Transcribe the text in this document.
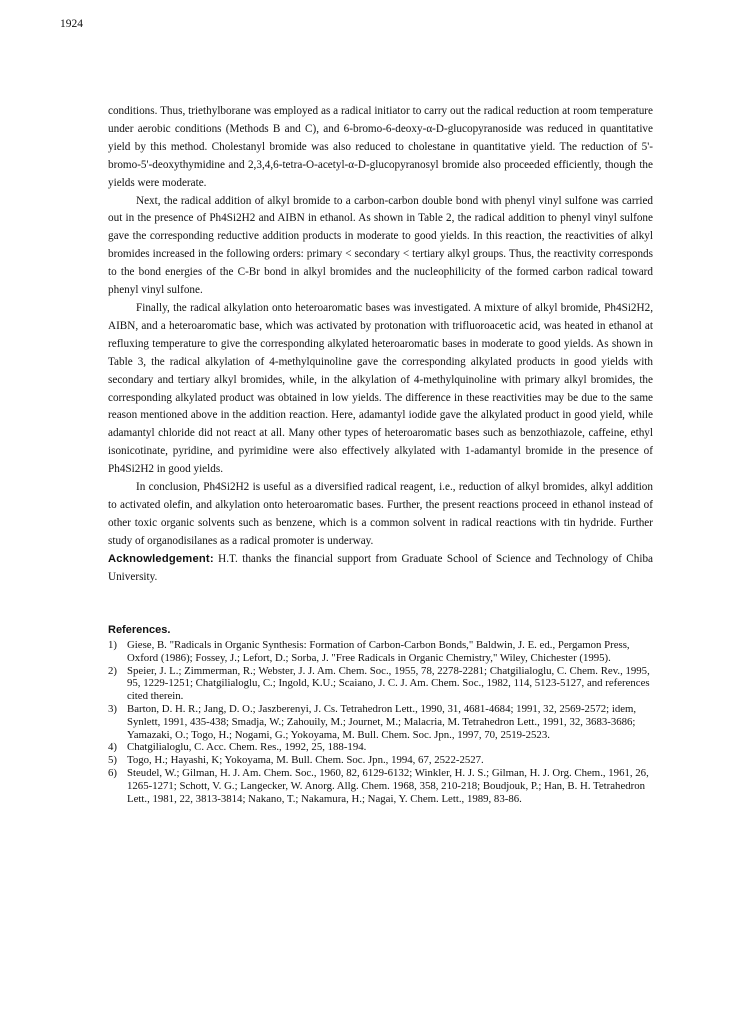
1924

conditions. Thus, triethylborane was employed as a radical initiator to carry out the radical reduction at room temperature under aerobic conditions (Methods B and C), and 6-bromo-6-deoxy-α-D-glucopyranoside was reduced in quantitative yield by this method. Cholestanyl bromide was also reduced to cholestane in quantitative yield. The reduction of 5'-bromo-5'-deoxythymidine and 2,3,4,6-tetra-O-acetyl-α-D-glucopyranosyl bromide also proceeded efficiently, though the yields were moderate.

Next, the radical addition of alkyl bromide to a carbon-carbon double bond with phenyl vinyl sulfone was carried out in the presence of Ph4Si2H2 and AIBN in ethanol. As shown in Table 2, the radical addition to phenyl vinyl sulfone gave the corresponding reductive addition products in moderate to good yields. In this reaction, the reactivities of alkyl bromides increased in the following orders: primary < secondary < tertiary alkyl groups. Thus, the reactivity corresponds to the bond energies of the C-Br bond in alkyl bromides and the nucleophilicity of the formed carbon radical toward phenyl vinyl sulfone.

Finally, the radical alkylation onto heteroaromatic bases was investigated. A mixture of alkyl bromide, Ph4Si2H2, AIBN, and a heteroaromatic base, which was activated by protonation with trifluoroacetic acid, was heated in ethanol at refluxing temperature to give the corresponding alkylated heteroaromatic bases in moderate to good yields. As shown in Table 3, the radical alkylation of 4-methylquinoline gave the corresponding alkylated products in good yields with secondary and tertiary alkyl bromides, while, in the alkylation of 4-methylquinoline with primary alkyl bromides, the corresponding alkylated product was obtained in low yields. The difference in these reactivities may be due to the same reason mentioned above in the addition reaction. Here, adamantyl iodide gave the alkylated product in good yield, while adamantyl chloride did not react at all. Many other types of heteroaromatic bases such as benzothiazole, caffeine, ethyl isonicotinate, pyridine, and pyrimidine were also effectively alkylated with 1-adamantyl bromide in the presence of Ph4Si2H2 in good yields.

In conclusion, Ph4Si2H2 is useful as a diversified radical reagent, i.e., reduction of alkyl bromides, alkyl addition to activated olefin, and alkylation onto heteroaromatic bases. Further, the present reactions proceed in ethanol instead of other toxic organic solvents such as benzene, which is a common solvent in radical reactions with tin hydride. Further study of organodisilanes as a radical promoter is underway.

Acknowledgement: H.T. thanks the financial support from Graduate School of Science and Technology of Chiba University.

References.
1) Giese, B. "Radicals in Organic Synthesis: Formation of Carbon-Carbon Bonds," Baldwin, J. E. ed., Pergamon Press, Oxford (1986); Fossey, J.; Lefort, D.; Sorba, J. "Free Radicals in Organic Chemistry," Wiley, Chichester (1995).
2) Speier, J. L.; Zimmerman, R.; Webster, J. J. Am. Chem. Soc., 1955, 78, 2278-2281; Chatgilialoglu, C. Chem. Rev., 1995, 95, 1229-1251; Chatgilialoglu, C.; Ingold, K.U.; Scaiano, J. C. J. Am. Chem. Soc., 1982, 114, 5123-5127, and references cited therein.
3) Barton, D. H. R.; Jang, D. O.; Jaszberenyi, J. Cs. Tetrahedron Lett., 1990, 31, 4681-4684; 1991, 32, 2569-2572; idem, Synlett, 1991, 435-438; Smadja, W.; Zahouily, M.; Journet, M.; Malacria, M. Tetrahedron Lett., 1991, 32, 3683-3686; Yamazaki, O.; Togo, H.; Nogami, G.; Yokoyama, M. Bull. Chem. Soc. Jpn., 1997, 70, 2519-2523.
4) Chatgilialoglu, C. Acc. Chem. Res., 1992, 25, 188-194.
5) Togo, H.; Hayashi, K; Yokoyama, M. Bull. Chem. Soc. Jpn., 1994, 67, 2522-2527.
6) Steudel, W.; Gilman, H. J. Am. Chem. Soc., 1960, 82, 6129-6132; Winkler, H. J. S.; Gilman, H. J. Org. Chem., 1961, 26, 1265-1271; Schott, V. G.; Langecker, W. Anorg. Allg. Chem. 1968, 358, 210-218; Boudjouk, P.; Han, B. H. Tetrahedron Lett., 1981, 22, 3813-3814; Nakano, T.; Nakamura, H.; Nagai, Y. Chem. Lett., 1989, 83-86.
